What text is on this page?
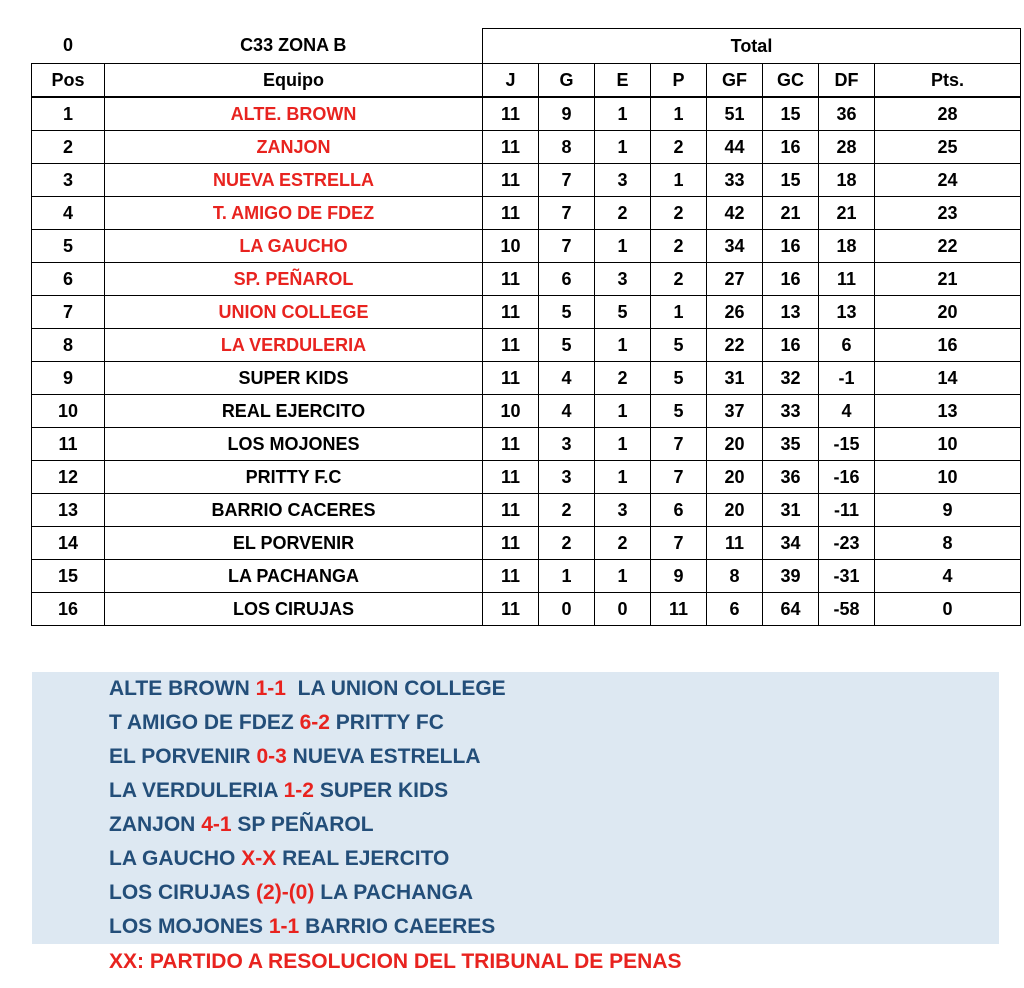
0	C33 ZONA B	Total							
Pos	Equipo	J	G	E	P	GF	GC	DF	Pts.
1	ALTE. BROWN	11	9	1	1	51	15	36	28
2	ZANJON	11	8	1	2	44	16	28	25
3	NUEVA ESTRELLA	11	7	3	1	33	15	18	24
4	T. AMIGO DE FDEZ	11	7	2	2	42	21	21	23
5	LA GAUCHO	10	7	1	2	34	16	18	22
6	SP. PEÑAROL	11	6	3	2	27	16	11	21
7	UNION COLLEGE	11	5	5	1	26	13	13	20
8	LA VERDULERIA	11	5	1	5	22	16	6	16
9	SUPER KIDS	11	4	2	5	31	32	-1	14
10	REAL EJERCITO	10	4	1	5	37	33	4	13
11	LOS MOJONES	11	3	1	7	20	35	-15	10
12	PRITTY F.C	11	3	1	7	20	36	-16	10
13	BARRIO CACERES	11	2	3	6	20	31	-11	9
14	EL PORVENIR	11	2	2	7	11	34	-23	8
15	LA PACHANGA	11	1	1	9	8	39	-31	4
16	LOS CIRUJAS	11	0	0	11	6	64	-58	0
ALTE BROWN 1-1 LA UNION COLLEGE
T AMIGO DE FDEZ 6-2 PRITTY FC
EL PORVENIR 0-3 NUEVA ESTRELLA
LA VERDULERIA 1-2 SUPER KIDS
ZANJON 4-1 SP PEÑAROL
LA GAUCHO X-X REAL EJERCITO
LOS CIRUJAS (2)-(0) LA PACHANGA
LOS MOJONES 1-1 BARRIO CAEERES
XX: PARTIDO A RESOLUCION DEL TRIBUNAL DE PENAS
